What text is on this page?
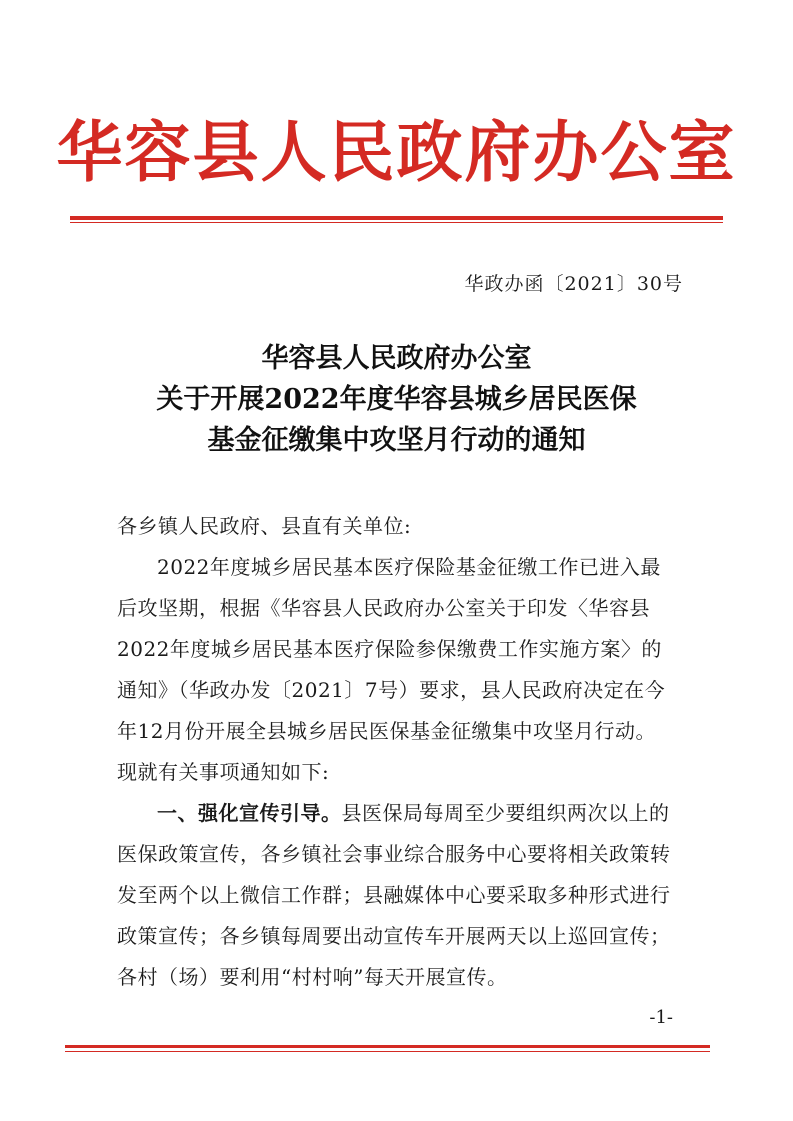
华容县人民政府办公室
华政办函〔2021〕30号
华容县人民政府办公室
关于开展2022年度华容县城乡居民医保
基金征缴集中攻坚月行动的通知

各乡镇人民政府、县直有关单位:

2022年度城乡居民基本医疗保险基金征缴工作已进入最

后攻坚期，根据《华容县人民政府办公室关于印发〈华容县

2022年度城乡居民基本医疗保险参保缴费工作实施方案〉的

通知》（华政办发〔2021〕7号）要求，县人民政府决定在今

年12月份开展全县城乡居民医保基金征缴集中攻坚月行动。

现就有关事项通知如下:

一、强化宣传引导。县医保局每周至少要组织两次以上的

医保政策宣传，各乡镇社会事业综合服务中心要将相关政策转

发至两个以上微信工作群；县融媒体中心要采取多种形式进行

政策宣传；各乡镇每周要出动宣传车开展两天以上巡回宣传；

各村（场）要利用“村村响”每天开展宣传。

-1-
